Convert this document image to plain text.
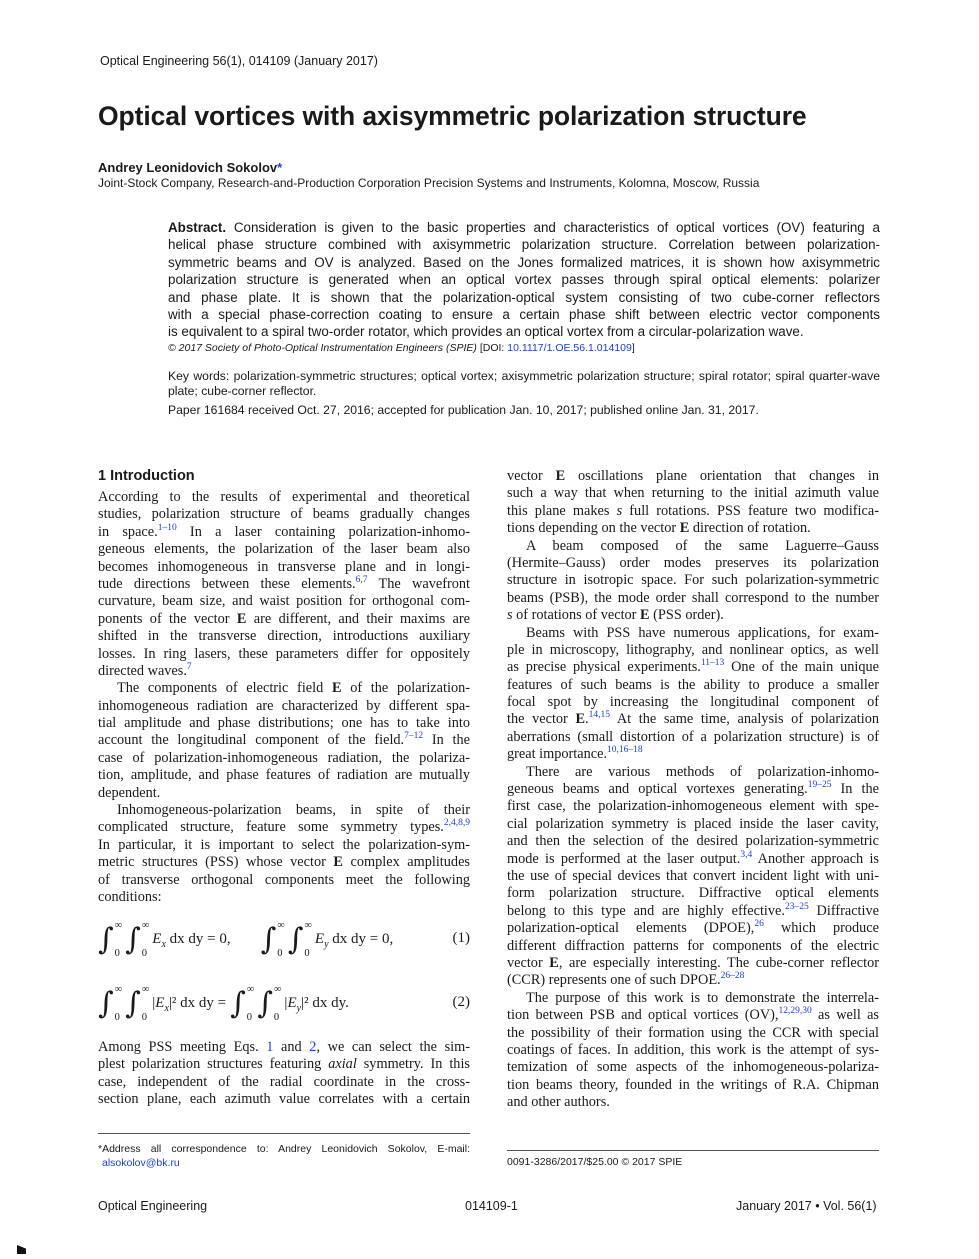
Optical Engineering 56(1), 014109 (January 2017)
Optical vortices with axisymmetric polarization structure
Andrey Leonidovich Sokolov*
Joint-Stock Company, Research-and-Production Corporation Precision Systems and Instruments, Kolomna, Moscow, Russia
Abstract. Consideration is given to the basic properties and characteristics of optical vortices (OV) featuring a
helical phase structure combined with axisymmetric polarization structure. Correlation between polarization-
symmetric beams and OV is analyzed. Based on the Jones formalized matrices, it is shown how axisymmetric
polarization structure is generated when an optical vortex passes through spiral optical elements: polarizer
and phase plate. It is shown that the polarization-optical system consisting of two cube-corner reflectors
with a special phase-correction coating to ensure a certain phase shift between electric vector components
is equivalent to a spiral two-order rotator, which provides an optical vortex from a circular-polarization wave.
© 2017 Society of Photo-Optical Instrumentation Engineers (SPIE) [DOI: 10.1117/1.OE.56.1.014109]
Key words: polarization-symmetric structures; optical vortex; axisymmetric polarization structure; spiral rotator; spiral quarter-wave
plate; cube-corner reflector.
Paper 161684 received Oct. 27, 2016; accepted for publication Jan. 10, 2017; published online Jan. 31, 2017.
1 Introduction
According to the results of experimental and theoretical
studies, polarization structure of beams gradually changes
in space.$^{1-10}$ In a laser containing polarization-inhomo-
geneous elements, the polarization of the laser beam also
becomes inhomogeneous in transverse plane and in longi-
tude directions between these elements.$^{6,7}$ The wavefront
curvature, beam size, and waist position for orthogonal com-
ponents of the vector E are different, and their maxims are
shifted in the transverse direction, introductions auxiliary
losses. In ring lasers, these parameters differ for oppositely
directed waves.$^7$
The components of electric field E of the polarization-
inhomogeneous radiation are characterized by different spa-
tial amplitude and phase distributions; one has to take into
account the longitudinal component of the field.$^{7-12}$ In the
case of polarization-inhomogeneous radiation, the polariza-
tion, amplitude, and phase features of radiation are mutually
dependent.
Inhomogeneous-polarization beams, in spite of their
complicated structure, feature some symmetry types.$^{2,4,8,9}$
In particular, it is important to select the polarization-sym-
metric structures (PSS) whose vector E complex amplitudes
of transverse orthogonal components meet the following
conditions:
∫ ∞
0 ∫ ∞
0
$E_x$ dx dy = 0, ∫ ∞
0 ∫ ∞
0
$E_y$ dx dy = 0,	(1)
∫ ∞
0 ∫ ∞
0
$|E_x|^2$ dx dy = ∫ ∞
0 ∫ ∞
0
$|E_y|^2$ dx dy.	(2)
Among PSS meeting Eqs. 1 and 2, we can select the sim-
plest polarization structures featuring axial symmetry. In this
case, independent of the radial coordinate in the cross-
section plane, each azimuth value correlates with a certain
vector E oscillations plane orientation that changes in
such a way that when returning to the initial azimuth value
this plane makes s full rotations. PSS feature two modifica-
tions depending on the vector E direction of rotation.
A beam composed of the same Laguerre–Gauss
(Hermite–Gauss) order modes preserves its polarization
structure in isotropic space. For such polarization-symmetric
beams (PSB), the mode order shall correspond to the number
s of rotations of vector E (PSS order).
Beams with PSS have numerous applications, for exam-
ple in microscopy, lithography, and nonlinear optics, as well
as precise physical experiments.$^{11-13}$ One of the main unique
features of such beams is the ability to produce a smaller
focal spot by increasing the longitudinal component of
the vector E.$^{14,15}$ At the same time, analysis of polarization
aberrations (small distortion of a polarization structure) is of
great importance.$^{10,16-18}$
There are various methods of polarization-inhomo-
geneous beams and optical vortexes generating.$^{19-25}$ In the
first case, the polarization-inhomogeneous element with spe-
cial polarization symmetry is placed inside the laser cavity,
and then the selection of the desired polarization-symmetric
mode is performed at the laser output.$^{3,4}$ Another approach is
the use of special devices that convert incident light with uni-
form polarization structure. Diffractive optical elements
belong to this type and are highly effective.$^{23-25}$ Diffractive
polarization-optical elements (DPOE),$^{26}$ which produce
different diffraction patterns for components of the electric
vector E, are especially interesting. The cube-corner reflector
(CCR) represents one of such DPOE.$^{26-28}$
The purpose of this work is to demonstrate the interrela-
tion between PSB and optical vortices (OV),$^{12,29,30}$ as well as
the possibility of their formation using the CCR with special
coatings of faces. In addition, this work is the attempt of sys-
temization of some aspects of the inhomogeneous-polariza-
tion beams theory, founded in the writings of R.A. Chipman
and other authors.
*Address all correspondence to: Andrey Leonidovich Sokolov, E-mail:
alsokolov@bk.ru	0091-3286/2017/$25.00 © 2017 SPIE
Optical Engineering	014109-1	January 2017 • Vol. 56(1)
